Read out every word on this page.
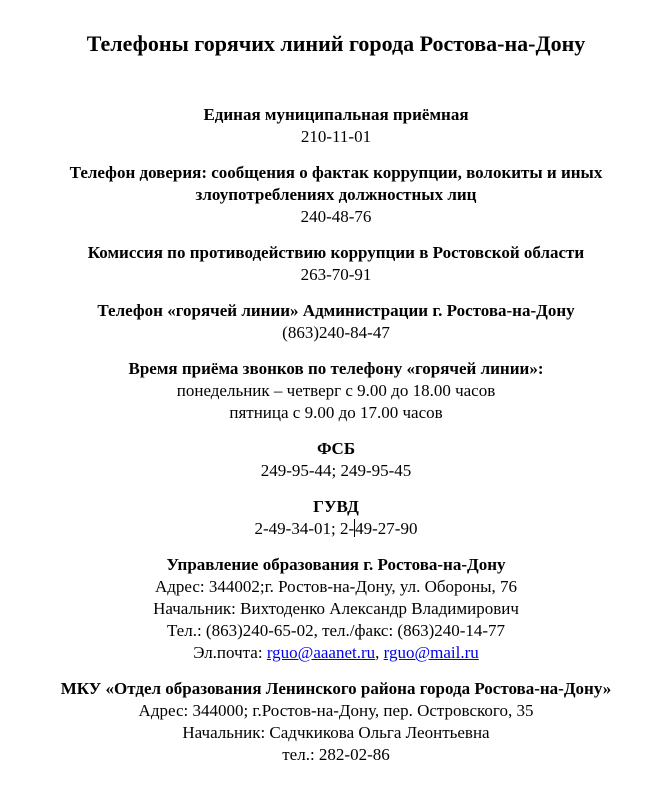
Телефоны горячих линий города Ростова-на-Дону
Единая муниципальная приёмная
210-11-01
Телефон доверия: сообщения о фактак коррупции, волокиты и иных злоупотреблениях должностных лиц
240-48-76
Комиссия по противодействию коррупции в Ростовской области
263-70-91
Телефон «горячей линии» Администрации г. Ростова-на-Дону
(863)240-84-47
Время приёма звонков по телефону «горячей линии»:
понедельник – четверг с 9.00 до 18.00 часов
пятница с 9.00 до 17.00 часов
ФСБ
249-95-44; 249-95-45
ГУВД
2-49-34-01; 2-49-27-90
Управление образования г. Ростова-на-Дону
Адрес: 344002;г. Ростов-на-Дону, ул. Обороны, 76
Начальник: Вихтоденко Александр Владимирович
Тел.: (863)240-65-02, тел./факс: (863)240-14-77
Эл.почта: rguo@aaanet.ru, rguo@mail.ru
МКУ «Отдел образования Ленинского района города Ростова-на-Дону»
Адрес: 344000; г.Ростов-на-Дону, пер. Островского, 35
Начальник: Садчкикова Ольга Леонтьевна
тел.: 282-02-86
